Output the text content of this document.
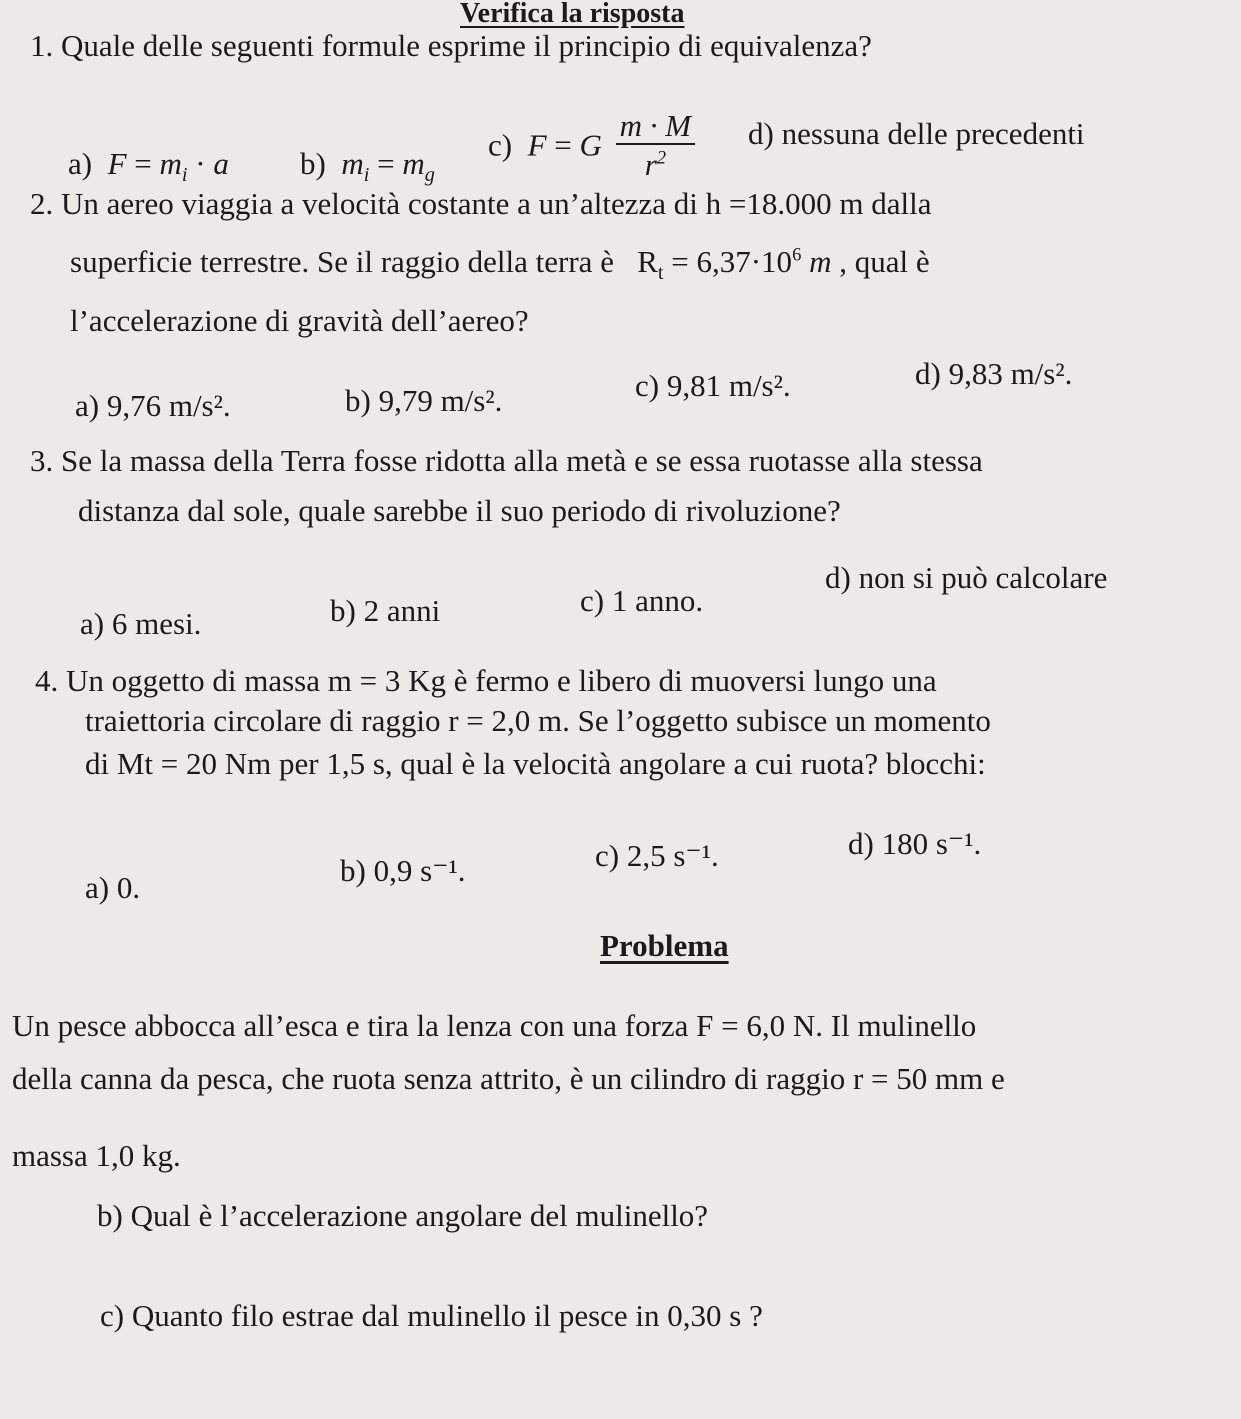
Verifica la risposta
1. Quale delle seguenti formule esprime il principio di equivalenza?
a) $F = m_i \cdot a$ b) $m_i = m_g$
c) F = G $\frac{m \cdot M}{r^2} d$) nessuna delle precedenti
2. Un aereo viaggia a velocità costante a un’altezza di h =18.000 m dalla
superficie terrestre. Se il raggio della terra è   $R_t = 6,37\cdot 10^6$ m , qual è
l’accelerazione di gravità dell’aereo?
a) 9,76 m/s².	b) 9,79 m/s².	c) 9,81 m/s².	d) 9,83 m/s².
3. Se la massa della Terra fosse ridotta alla metà e se essa ruotasse alla stessa
distanza dal sole, quale sarebbe il suo periodo di rivoluzione?
a) 6 mesi.	b) 2 anni	c) 1 anno.
d) non si può calcolare
4. Un oggetto di massa m = 3 Kg è fermo e libero di muoversi lungo una
traiettoria circolare di raggio r = 2,0 m. Se l’oggetto subisce un momento
di Mt = 20 Nm per 1,5 s, qual è la velocità angolare a cui ruota? blocchi:
a) 0.	b) 0,9 s⁻¹.	c) 2,5 s⁻¹.	d) 180 s⁻¹.
Problema
Un pesce abbocca all’esca e tira la lenza con una forza F = 6,0 N. Il mulinello
della canna da pesca, che ruota senza attrito, è un cilindro di raggio r = 50 mm e
massa 1,0 kg.
b) Qual è l’accelerazione angolare del mulinello?
c) Quanto filo estrae dal mulinello il pesce in 0,30 s ?
